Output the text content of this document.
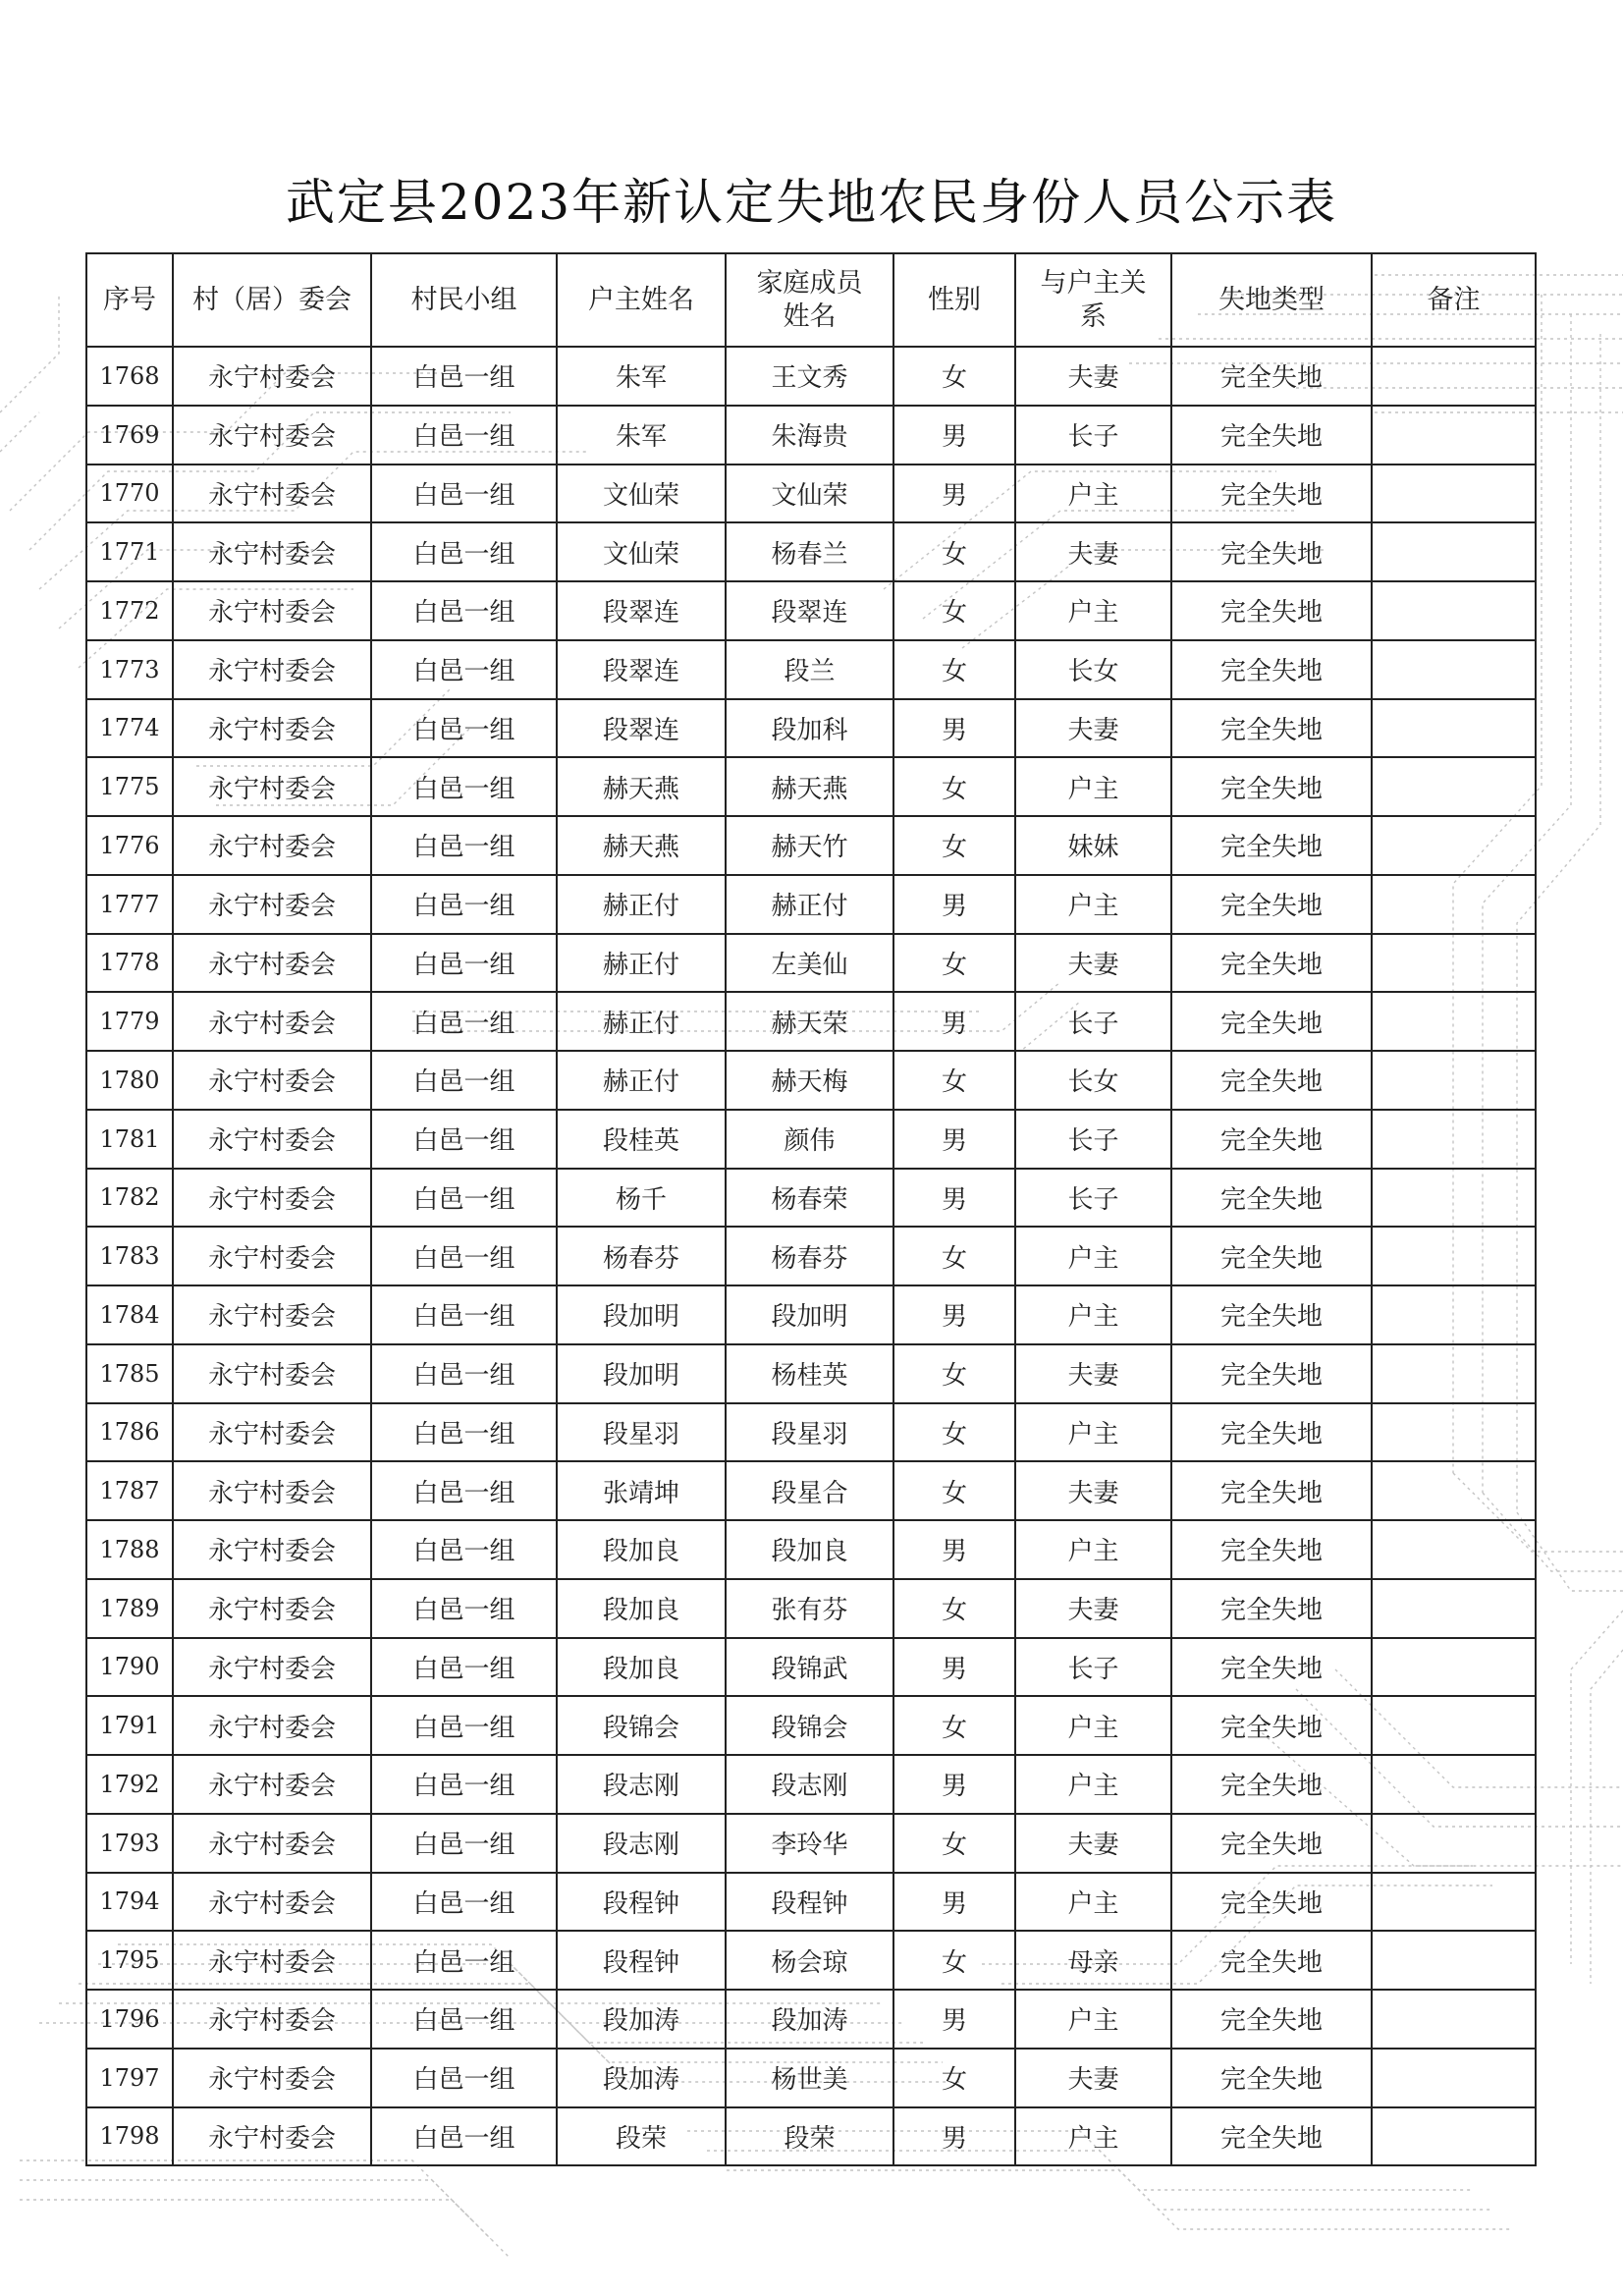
武定县2023年新认定失地农民身份人员公示表
序号	村（居）委会	村民小组	户主姓名	家庭成员姓名	性别	与户主关系	失地类型	备注
1768	永宁村委会	白邑一组	朱军	王文秀	女	夫妻	完全失地	
1769	永宁村委会	白邑一组	朱军	朱海贵	男	长子	完全失地	
1770	永宁村委会	白邑一组	文仙荣	文仙荣	男	户主	完全失地	
1771	永宁村委会	白邑一组	文仙荣	杨春兰	女	夫妻	完全失地	
1772	永宁村委会	白邑一组	段翠连	段翠连	女	户主	完全失地	
1773	永宁村委会	白邑一组	段翠连	段兰	女	长女	完全失地	
1774	永宁村委会	白邑一组	段翠连	段加科	男	夫妻	完全失地	
1775	永宁村委会	白邑一组	赫天燕	赫天燕	女	户主	完全失地	
1776	永宁村委会	白邑一组	赫天燕	赫天竹	女	妹妹	完全失地	
1777	永宁村委会	白邑一组	赫正付	赫正付	男	户主	完全失地	
1778	永宁村委会	白邑一组	赫正付	左美仙	女	夫妻	完全失地	
1779	永宁村委会	白邑一组	赫正付	赫天荣	男	长子	完全失地	
1780	永宁村委会	白邑一组	赫正付	赫天梅	女	长女	完全失地	
1781	永宁村委会	白邑一组	段桂英	颜伟	男	长子	完全失地	
1782	永宁村委会	白邑一组	杨千	杨春荣	男	长子	完全失地	
1783	永宁村委会	白邑一组	杨春芬	杨春芬	女	户主	完全失地	
1784	永宁村委会	白邑一组	段加明	段加明	男	户主	完全失地	
1785	永宁村委会	白邑一组	段加明	杨桂英	女	夫妻	完全失地	
1786	永宁村委会	白邑一组	段星羽	段星羽	女	户主	完全失地	
1787	永宁村委会	白邑一组	张靖坤	段星合	女	夫妻	完全失地	
1788	永宁村委会	白邑一组	段加良	段加良	男	户主	完全失地	
1789	永宁村委会	白邑一组	段加良	张有芬	女	夫妻	完全失地	
1790	永宁村委会	白邑一组	段加良	段锦武	男	长子	完全失地	
1791	永宁村委会	白邑一组	段锦会	段锦会	女	户主	完全失地	
1792	永宁村委会	白邑一组	段志刚	段志刚	男	户主	完全失地	
1793	永宁村委会	白邑一组	段志刚	李玲华	女	夫妻	完全失地	
1794	永宁村委会	白邑一组	段程钟	段程钟	男	户主	完全失地	
1795	永宁村委会	白邑一组	段程钟	杨会琼	女	母亲	完全失地	
1796	永宁村委会	白邑一组	段加涛	段加涛	男	户主	完全失地	
1797	永宁村委会	白邑一组	段加涛	杨世美	女	夫妻	完全失地	
1798	永宁村委会	白邑一组	段荣	段荣	男	户主	完全失地	
